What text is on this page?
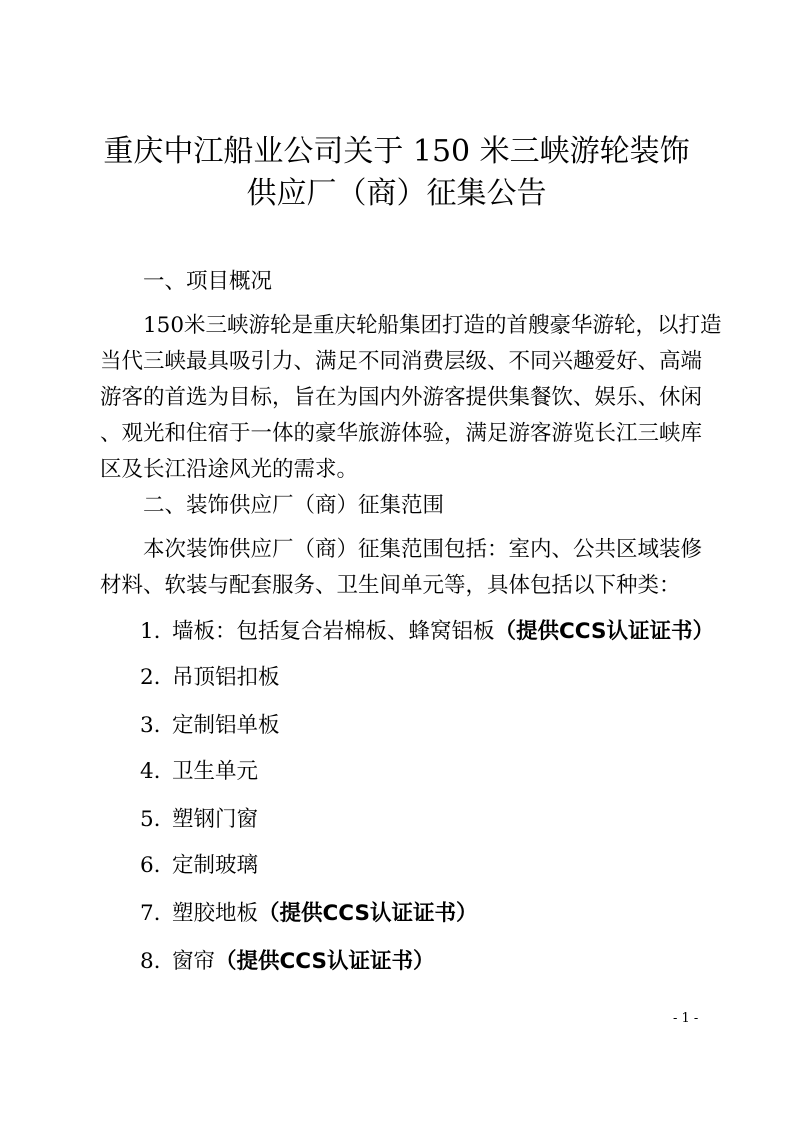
重庆中江船业公司关于 150 米三峡游轮装饰
供应厂（商）征集公告
一、项目概况
150米三峡游轮是重庆轮船集团打造的首艘豪华游轮，以打造
当代三峡最具吸引力、满足不同消费层级、不同兴趣爱好、高端
游客的首选为目标，旨在为国内外游客提供集餐饮、娱乐、休闲
、观光和住宿于一体的豪华旅游体验，满足游客游览长江三峡库
区及长江沿途风光的需求。
二、装饰供应厂（商）征集范围
本次装饰供应厂（商）征集范围包括：室内、公共区域装修
材料、软装与配套服务、卫生间单元等，具体包括以下种类：
1. 墙板：包括复合岩棉板、蜂窝铝板（提供CCS认证证书）
2. 吊顶铝扣板
3. 定制铝单板
4. 卫生单元
5. 塑钢门窗
6. 定制玻璃
7. 塑胶地板（提供CCS认证证书）
8. 窗帘（提供CCS认证证书）
- 1 -
